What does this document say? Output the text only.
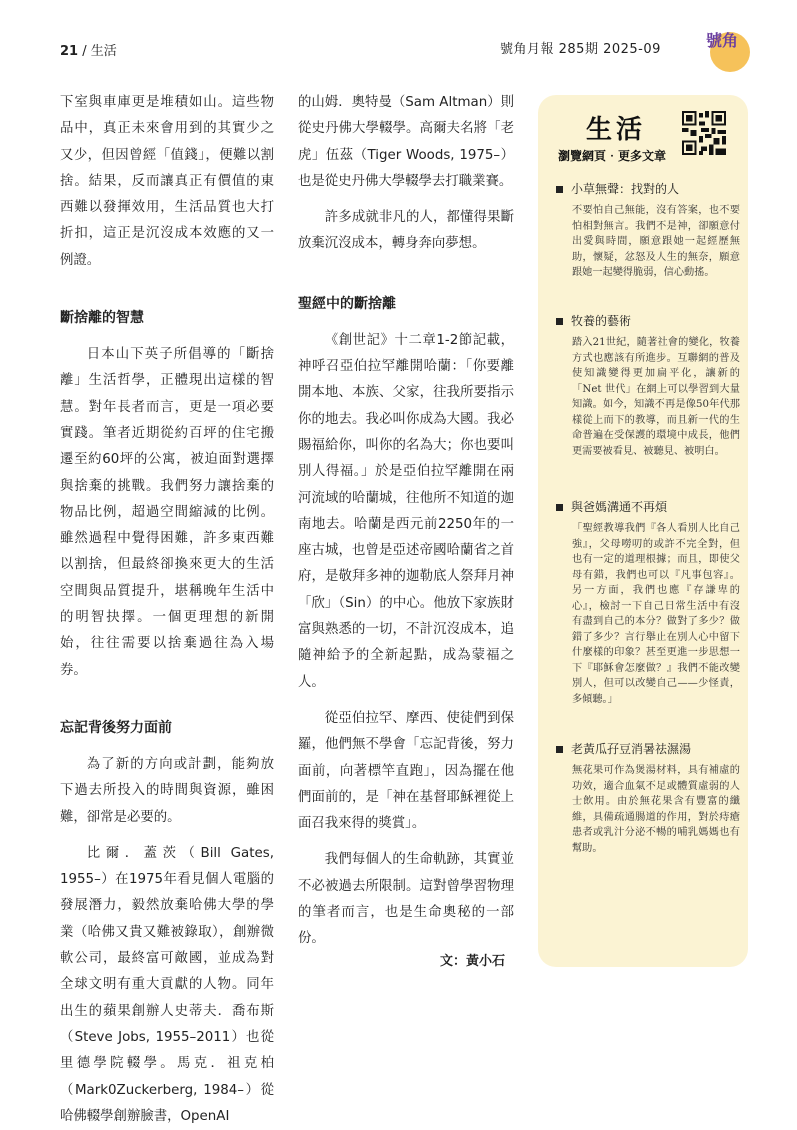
21 / 生活	號角月報 285期 2025-09	號角

下室與車庫更是堆積如山。這些物品中，真正未來會用到的其實少之又少，但因曾經「值錢」，便難以割捨。結果，反而讓真正有價值的東西難以發揮效用，生活品質也大打折扣，這正是沉沒成本效應的又一例證。

斷捨離的智慧

日本山下英子所倡導的「斷捨離」生活哲學，正體現出這樣的智慧。對年長者而言，更是一項必要實踐。筆者近期從約百坪的住宅搬遷至約60坪的公寓，被迫面對選擇與捨棄的挑戰。我們努力讓捨棄的物品比例，超過空間縮減的比例。雖然過程中覺得困難，許多東西難以割捨，但最終卻換來更大的生活空間與品質提升，堪稱晚年生活中的明智抉擇。一個更理想的新開始，往往需要以捨棄過往為入場券。

忘記背後努力面前

為了新的方向或計劃，能夠放下過去所投入的時間與資源，雖困難，卻常是必要的。

比爾．蓋茨（Bill Gates, 1955–）在1975年看見個人電腦的發展潛力，毅然放棄哈佛大學的學業（哈佛又貴又難被錄取），創辦微軟公司，最終富可敵國，並成為對全球文明有重大貢獻的人物。同年出生的蘋果創辦人史蒂夫．喬布斯（Steve Jobs, 1955–2011）也從里德學院輟學。馬克．祖克柏（Mark0Zuckerberg, 1984–）從哈佛輟學創辦臉書，OpenAI

的山姆．奧特曼（Sam Altman）則從史丹佛大學輟學。高爾夫名將「老虎」伍茲（Tiger Woods, 1975–）也是從史丹佛大學輟學去打職業賽。

許多成就非凡的人，都懂得果斷放棄沉沒成本，轉身奔向夢想。

聖經中的斷捨離

《創世記》十二章1-2節記載，神呼召亞伯拉罕離開哈蘭：「你要離開本地、本族、父家，往我所要指示你的地去。我必叫你成為大國。我必賜福給你，叫你的名為大；你也要叫別人得福。」於是亞伯拉罕離開在兩河流域的哈蘭城，往他所不知道的迦南地去。哈蘭是西元前2250年的一座古城，也曾是亞述帝國哈蘭省之首府，是敬拜多神的迦勒底人祭拜月神「欣」（Sin）的中心。他放下家族財富與熟悉的一切，不計沉沒成本，追隨神給予的全新起點，成為蒙福之人。

從亞伯拉罕、摩西、使徒們到保羅，他們無不學會「忘記背後，努力面前，向著標竿直跑」，因為擺在他們面前的，是「神在基督耶穌裡從上面召我來得的獎賞」。

我們每個人的生命軌跡，其實並不必被過去所限制。這對曾學習物理的筆者而言，也是生命奧秘的一部份。

文：黃小石
生活
瀏覽網頁‧更多文章
小草無聲：找對的人
不要怕自己無能，沒有答案，也不要怕相對無言。我們不是神，卻願意付出愛與時間，願意跟她一起經歷無助，懷疑，忿怒及人生的無奈，願意跟她一起變得脆弱，信心動搖。
牧養的藝術
踏入21世紀，隨著社會的變化，牧養方式也應該有所進步。互聯網的普及使知識變得更加扁平化，讓新的「Net 世代」在網上可以學習到大量知識。如今，知識不再是像50年代那樣從上而下的教導，而且新一代的生命普遍在受保護的環境中成長，他們更需要被看見、被聽見、被明白。
與爸媽溝通不再煩
「聖經教導我們『各人看別人比自己強』，父母嘮叨的或許不完全對，但也有一定的道理根據；而且，即使父母有錯，我們也可以『凡事包容』。另一方面，我們也應『存謙卑的心』，檢討一下自己日常生活中有沒有盡到自己的本分？做對了多少？做錯了多少？言行舉止在別人心中留下什麼樣的印象？甚至更進一步思想一下『耶穌會怎麼做？』我們不能改變別人，但可以改變自己——少怪責，多傾聽。」
老黃瓜孖豆消暑祛濕湯
無花果可作為煲湯材料，具有補虛的功效，適合血氣不足或體質虛弱的人士飲用。由於無花果含有豐富的纖維，具備疏通腸道的作用，對於痔瘡患者或乳汁分泌不暢的哺乳媽媽也有幫助。
